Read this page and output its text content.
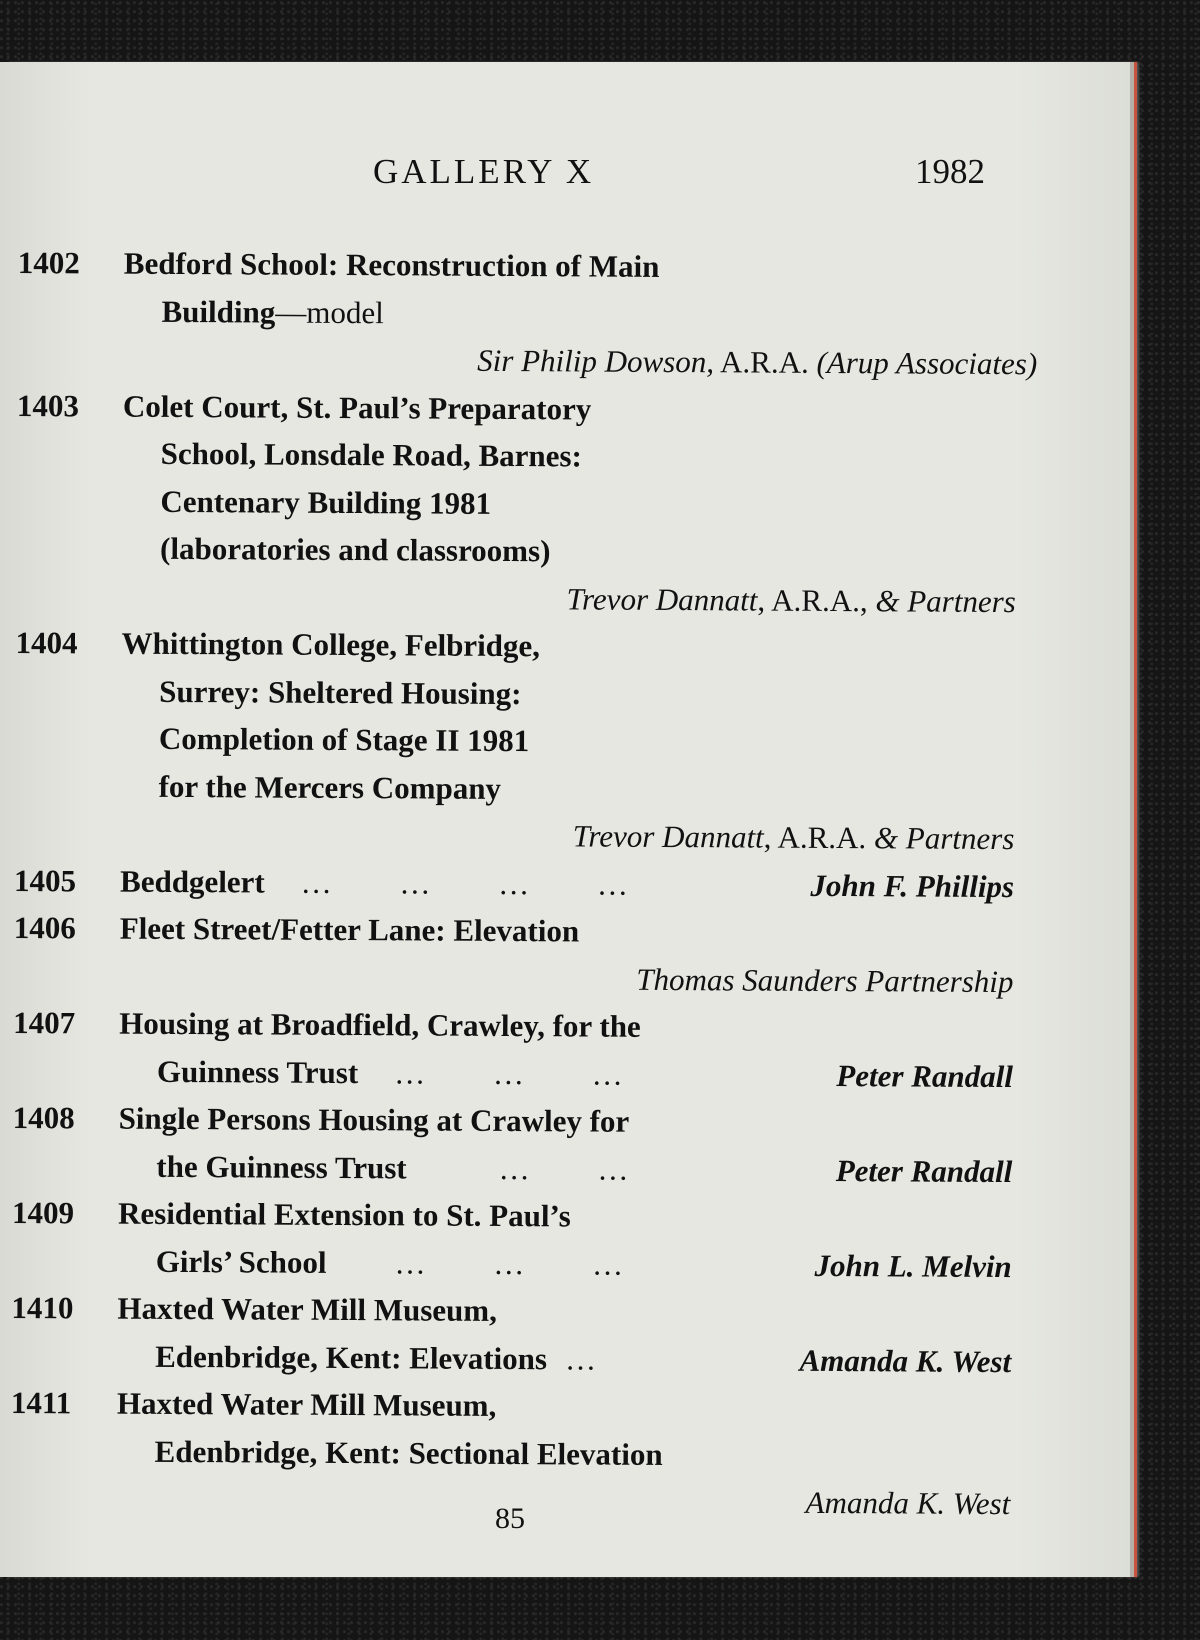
GALLERY X	1982
1402 Bedford School: Reconstruction of Main
Building—model
Sir Philip Dowson, A.R.A. (Arup Associates)
1403 Colet Court, St. Paul’s Preparatory
School, Lonsdale Road, Barnes:
Centenary Building 1981
(laboratories and classrooms)
Trevor Dannatt, A.R.A., & Partners
1404 Whittington College, Felbridge,
Surrey: Sheltered Housing:
Completion of Stage II 1981
for the Mercers Company
Trevor Dannatt, A.R.A. & Partners
1405 Beddgelert … … … …	John F. Phillips
1406 Fleet Street/Fetter Lane: Elevation
Thomas Saunders Partnership
1407 Housing at Broadfield, Crawley, for the
Guinness Trust … … …	Peter Randall
1408 Single Persons Housing at Crawley for
the Guinness Trust	… …	Peter Randall
1409 Residential Extension to St. Paul’s
Girls’ School … … …	John L. Melvin
1410 Haxted Water Mill Museum,
Edenbridge, Kent: Elevations …	Amanda K. West
1411 Haxted Water Mill Museum,
Edenbridge, Kent: Sectional Elevation
Amanda K. West
85
